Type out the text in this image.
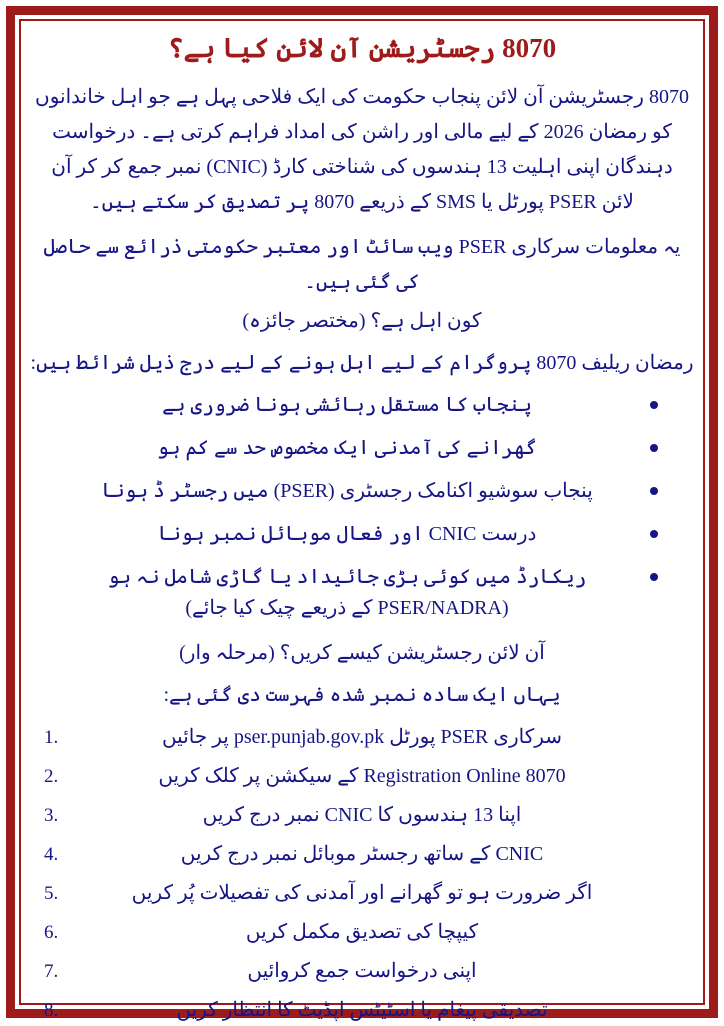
8070 رجسٹریشن آن لائن کیا ہے؟

8070 رجسٹریشن آن لائن پنجاب حکومت کی ایک فلاحی پہل ہے جو اہل خاندانوں کو رمضان 2026 کے لیے مالی اور راشن کی امداد فراہم کرتی ہے۔ درخواست دہندگان اپنی اہلیت 13 ہندسوں کی شناختی کارڈ (CNIC) نمبر جمع کر کر آن لائن PSER پورٹل یا SMS کے ذریعے 8070 پر تصدیق کر سکتے ہیں۔

یہ معلومات سرکاری PSER ویب سائٹ اور معتبر حکومتی ذرائع سے حاصل کی گئی ہیں۔

کون اہل ہے؟ (مختصر جائزہ)

رمضان ریلیف 8070 پروگرام کے لیے اہل ہونے کے لیے درج ذیل شرائط ہیں:

پنجاب کا مستقل رہائشی ہونا ضروری ہے
گھرانے کی آمدنی ایک مخصوص حد سے کم ہو
پنجاب سوشیو اکنامک رجسٹری (PSER) میں رجسٹر ڈ ہونا
درست CNIC اور فعال موبائل نمبر ہونا
ریکارڈ میں کوئی بڑی جائیداد یا گاڑی شامل نہ ہو (PSER/NADRA کے ذریعے چیک کیا جائے)

آن لائن رجسٹریشن کیسے کریں؟ (مرحلہ وار)

یہاں ایک سادہ نمبر شدہ فہرست دی گئی ہے:

1.	سرکاری PSER پورٹل pser.punjab.gov.pk پر جائیں
2.	Registration Online 8070 کے سیکشن پر کلک کریں
3.	اپنا 13 ہندسوں کا CNIC نمبر درج کریں
4.	CNIC کے ساتھ رجسٹر موبائل نمبر درج کریں
5.	اگر ضرورت ہو تو گھرانے اور آمدنی کی تفصیلات پُر کریں
6.	کیپچا کی تصدیق مکمل کریں
7.	اپنی درخواست جمع کروائیں
8.	تصدیقی پیغام یا اسٹیٹس اپڈیٹ کا انتظار کریں
